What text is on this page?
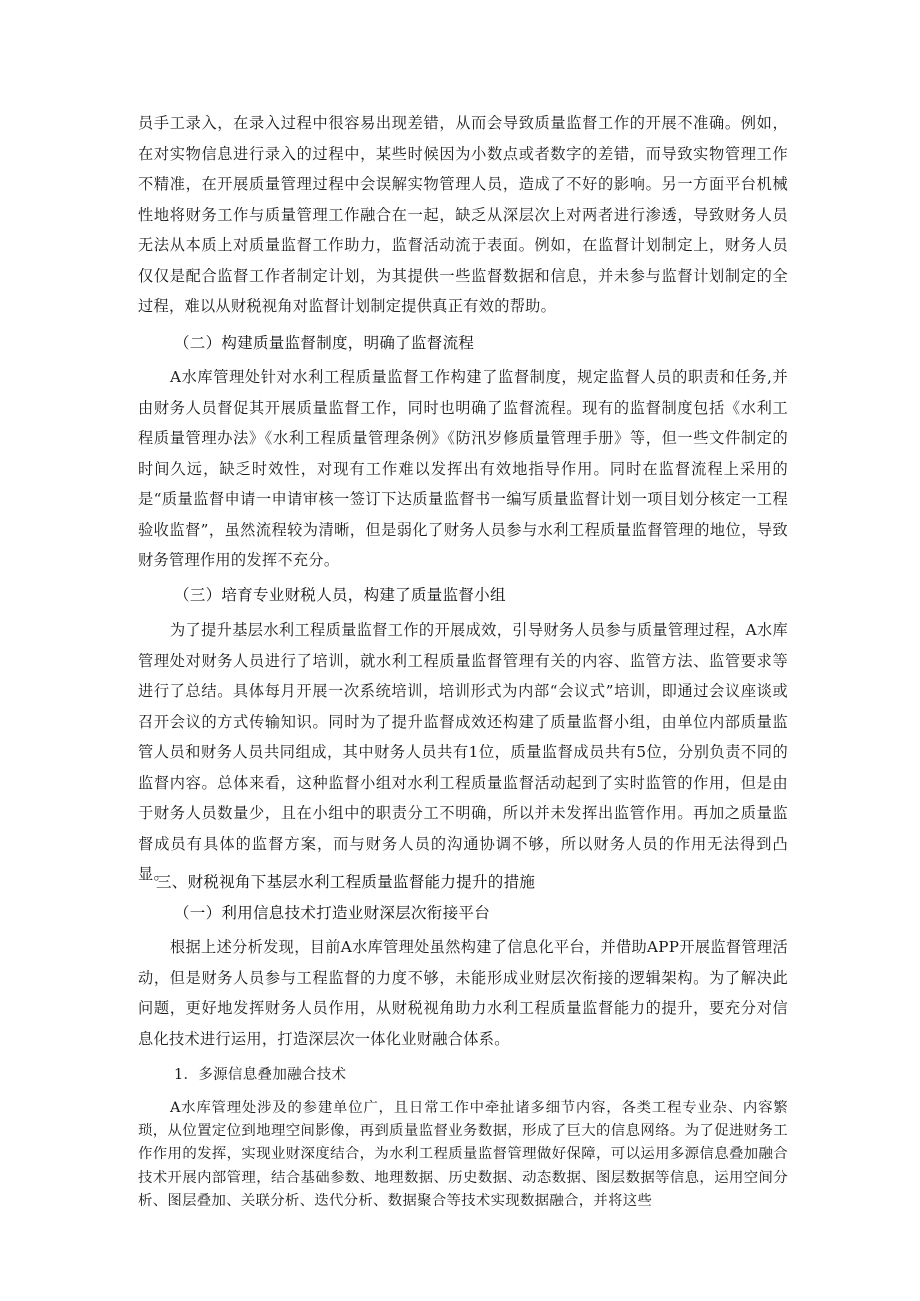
员手工录入，在录入过程中很容易出现差错，从而会导致质量监督工作的开展不准确。例如，在对实物信息进行录入的过程中，某些时候因为小数点或者数字的差错，而导致实物管理工作不精准，在开展质量管理过程中会误解实物管理人员，造成了不好的影响。另一方面平台机械性地将财务工作与质量管理工作融合在一起，缺乏从深层次上对两者进行渗透，导致财务人员无法从本质上对质量监督工作助力，监督活动流于表面。例如，在监督计划制定上，财务人员仅仅是配合监督工作者制定计划，为其提供一些监督数据和信息，并未参与监督计划制定的全过程，难以从财税视角对监督计划制定提供真正有效的帮助。

（二）构建质量监督制度，明确了监督流程

A水库管理处针对水利工程质量监督工作构建了监督制度，规定监督人员的职责和任务,并由财务人员督促其开展质量监督工作，同时也明确了监督流程。现有的监督制度包括《水利工程质量管理办法》《水利工程质量管理条例》《防汛岁修质量管理手册》等，但一些文件制定的时间久远，缺乏时效性，对现有工作难以发挥出有效地指导作用。同时在监督流程上采用的是“质量监督申请一申请审核一签订下达质量监督书一编写质量监督计划一项目划分核定一工程验收监督”，虽然流程较为清晰，但是弱化了财务人员参与水利工程质量监督管理的地位，导致财务管理作用的发挥不充分。

（三）培育专业财税人员，构建了质量监督小组

为了提升基层水利工程质量监督工作的开展成效，引导财务人员参与质量管理过程，A水库管理处对财务人员进行了培训，就水利工程质量监督管理有关的内容、监管方法、监管要求等进行了总结。具体每月开展一次系统培训，培训形式为内部“会议式”培训，即通过会议座谈或召开会议的方式传输知识。同时为了提升监督成效还构建了质量监督小组，由单位内部质量监管人员和财务人员共同组成，其中财务人员共有1位，质量监督成员共有5位，分别负责不同的监督内容。总体来看，这种监督小组对水利工程质量监督活动起到了实时监管的作用，但是由于财务人员数量少，且在小组中的职责分工不明确，所以并未发挥出监管作用。再加之质量监督成员有具体的监督方案，而与财务人员的沟通协调不够，所以财务人员的作用无法得到凸显。

三、财税视角下基层水利工程质量监督能力提升的措施

（一）利用信息技术打造业财深层次衔接平台

根据上述分析发现，目前A水库管理处虽然构建了信息化平台，并借助APP开展监督管理活动，但是财务人员参与工程监督的力度不够，未能形成业财层次衔接的逻辑架构。为了解决此问题，更好地发挥财务人员作用，从财税视角助力水利工程质量监督能力的提升，要充分对信息化技术进行运用，打造深层次一体化业财融合体系。

1．多源信息叠加融合技术

A水库管理处涉及的参建单位广，且日常工作中牵扯诸多细节内容，各类工程专业杂、内容繁琐，从位置定位到地理空间影像，再到质量监督业务数据，形成了巨大的信息网络。为了促进财务工作作用的发挥，实现业财深度结合，为水利工程质量监督管理做好保障，可以运用多源信息叠加融合技术开展内部管理，结合基础参数、地理数据、历史数据、动态数据、图层数据等信息，运用空间分析、图层叠加、关联分析、迭代分析、数据聚合等技术实现数据融合，并将这些
